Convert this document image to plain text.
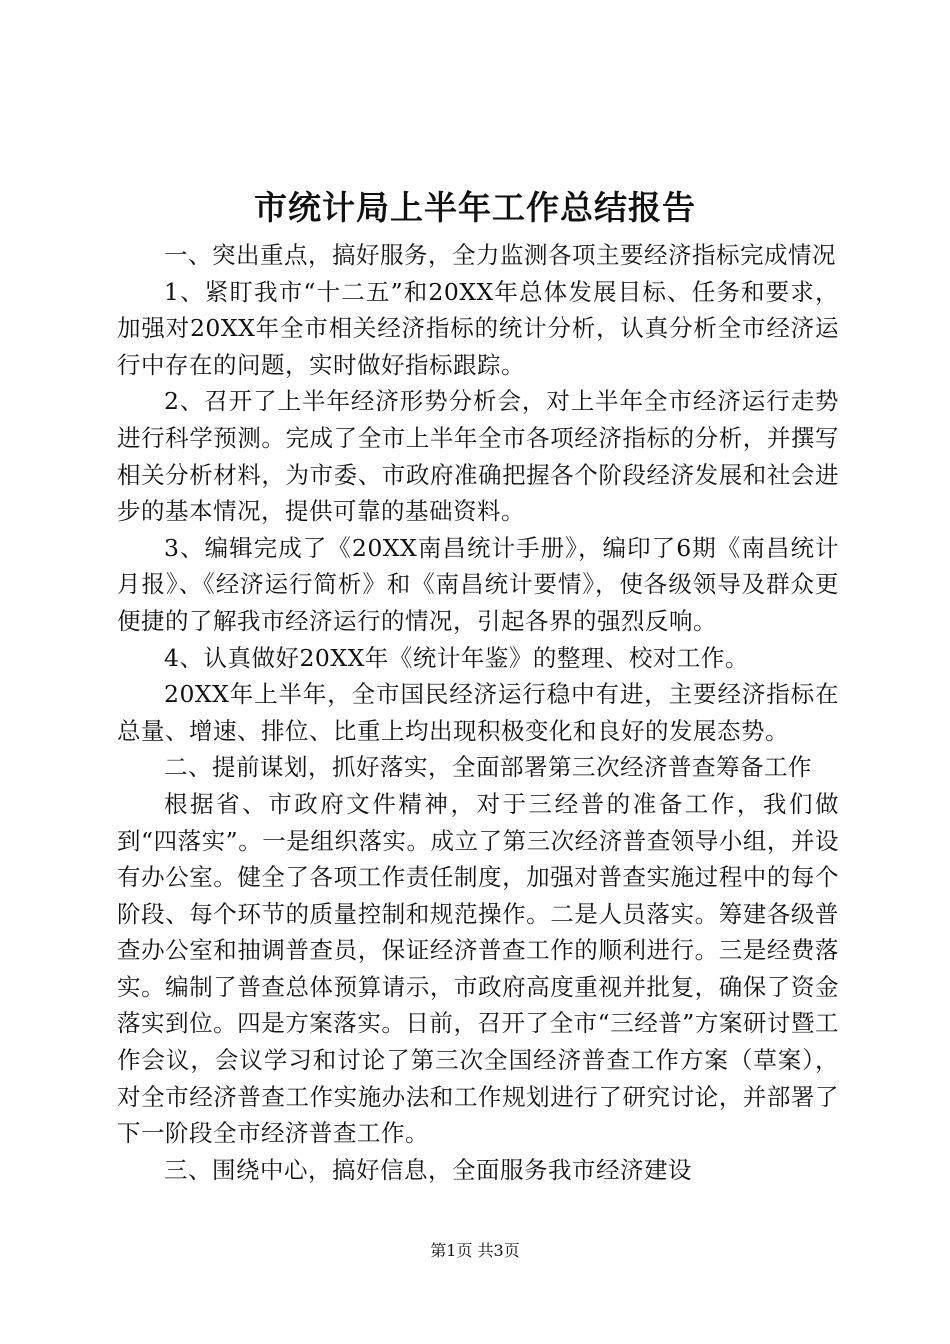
市统计局上半年工作总结报告

一、突出重点，搞好服务，全力监测各项主要经济指标完成情况

1、紧盯我市“十二五”和20XX年总体发展目标、任务和要求，加强对20XX年全市相关经济指标的统计分析，认真分析全市经济运行中存在的问题，实时做好指标跟踪。

2、召开了上半年经济形势分析会，对上半年全市经济运行走势进行科学预测。完成了全市上半年全市各项经济指标的分析，并撰写相关分析材料，为市委、市政府准确把握各个阶段经济发展和社会进步的基本情况，提供可靠的基础资料。

3、编辑完成了《20XX南昌统计手册》，编印了6期《南昌统计月报》、《经济运行简析》和《南昌统计要情》，使各级领导及群众更便捷的了解我市经济运行的情况，引起各界的强烈反响。

4、认真做好20XX年《统计年鉴》的整理、校对工作。

20XX年上半年，全市国民经济运行稳中有进，主要经济指标在总量、增速、排位、比重上均出现积极变化和良好的发展态势。

二、提前谋划，抓好落实，全面部署第三次经济普查筹备工作

根据省、市政府文件精神，对于三经普的准备工作，我们做到“四落实”。一是组织落实。成立了第三次经济普查领导小组，并设有办公室。健全了各项工作责任制度，加强对普查实施过程中的每个阶段、每个环节的质量控制和规范操作。二是人员落实。筹建各级普查办公室和抽调普查员，保证经济普查工作的顺利进行。三是经费落实。编制了普查总体预算请示，市政府高度重视并批复，确保了资金落实到位。四是方案落实。日前，召开了全市“三经普”方案研讨暨工作会议，会议学习和讨论了第三次全国经济普查工作方案（草案），对全市经济普查工作实施办法和工作规划进行了研究讨论，并部署了下一阶段全市经济普查工作。

三、围绕中心，搞好信息，全面服务我市经济建设

第1页 共3页
